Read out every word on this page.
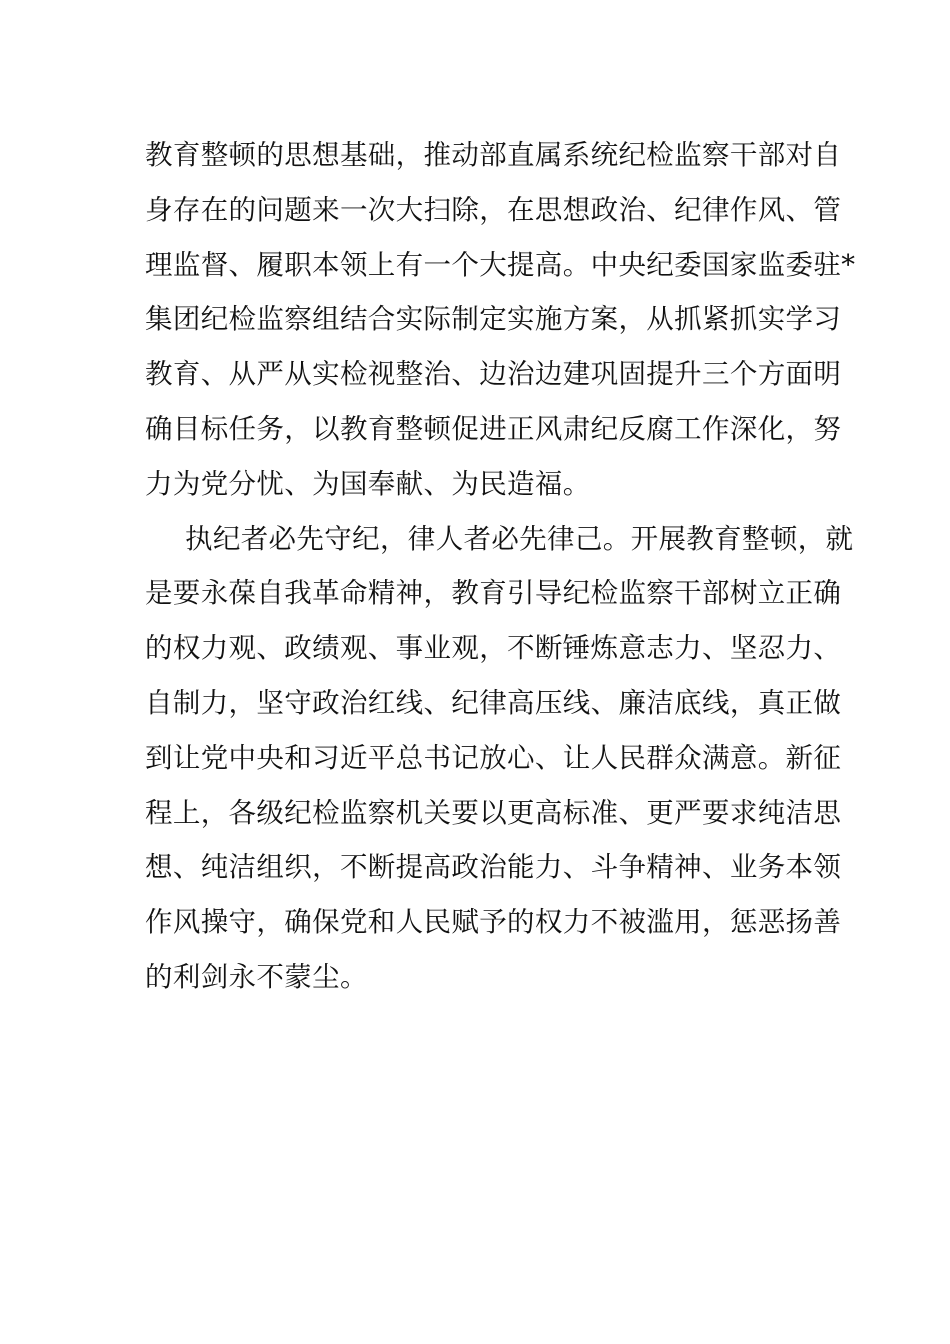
教育整顿的思想基础，推动部直属系统纪检监察干部对自
身存在的问题来一次大扫除，在思想政治、纪律作风、管
理监督、履职本领上有一个大提高。中央纪委国家监委驻*
集团纪检监察组结合实际制定实施方案，从抓紧抓实学习
教育、从严从实检视整治、边治边建巩固提升三个方面明
确目标任务，以教育整顿促进正风肃纪反腐工作深化，努
力为党分忧、为国奉献、为民造福。
执纪者必先守纪，律人者必先律己。开展教育整顿，就
是要永葆自我革命精神，教育引导纪检监察干部树立正确
的权力观、政绩观、事业观，不断锤炼意志力、坚忍力、
自制力，坚守政治红线、纪律高压线、廉洁底线，真正做
到让党中央和习近平总书记放心、让人民群众满意。新征
程上，各级纪检监察机关要以更高标准、更严要求纯洁思
想、纯洁组织，不断提高政治能力、斗争精神、业务本领
作风操守，确保党和人民赋予的权力不被滥用，惩恶扬善
的利剑永不蒙尘。
